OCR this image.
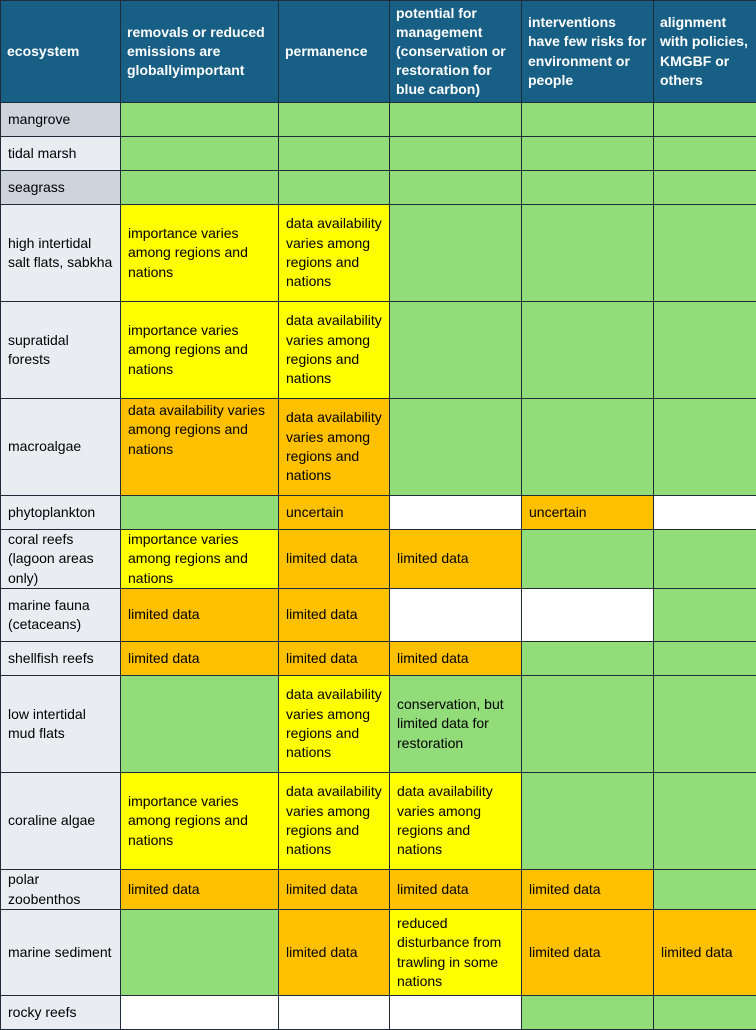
ecosystem	removals or reduced emissions are globallyimportant	permanence	potential for management (conservation or restoration for blue carbon)	interventions have few risks for environment or people	alignment with policies, KMGBF or others
mangrove					
tidal marsh					
seagrass					
high intertidal salt flats, sabkha	importance varies among regions and nations	data availability varies among regions and nations			
supratidal forests	importance varies among regions and nations	data availability varies among regions and nations			
macroalgae	data availability varies among regions and nations	data availability varies among regions and nations			
phytoplankton		uncertain		uncertain	
coral reefs (lagoon areas only)	importance varies among regions and nations	limited data	limited data		
marine fauna (cetaceans)	limited data	limited data			
shellfish reefs	limited data	limited data	limited data		
low intertidal mud flats		data availability varies among regions and nations	conservation, but limited data for restoration		
coraline algae	importance varies among regions and nations	data availability varies among regions and nations	data availability varies among regions and nations		
polar zoobenthos	limited data	limited data	limited data	limited data	
marine sediment		limited data	reduced disturbance from trawling in some nations	limited data	limited data
rocky reefs					
